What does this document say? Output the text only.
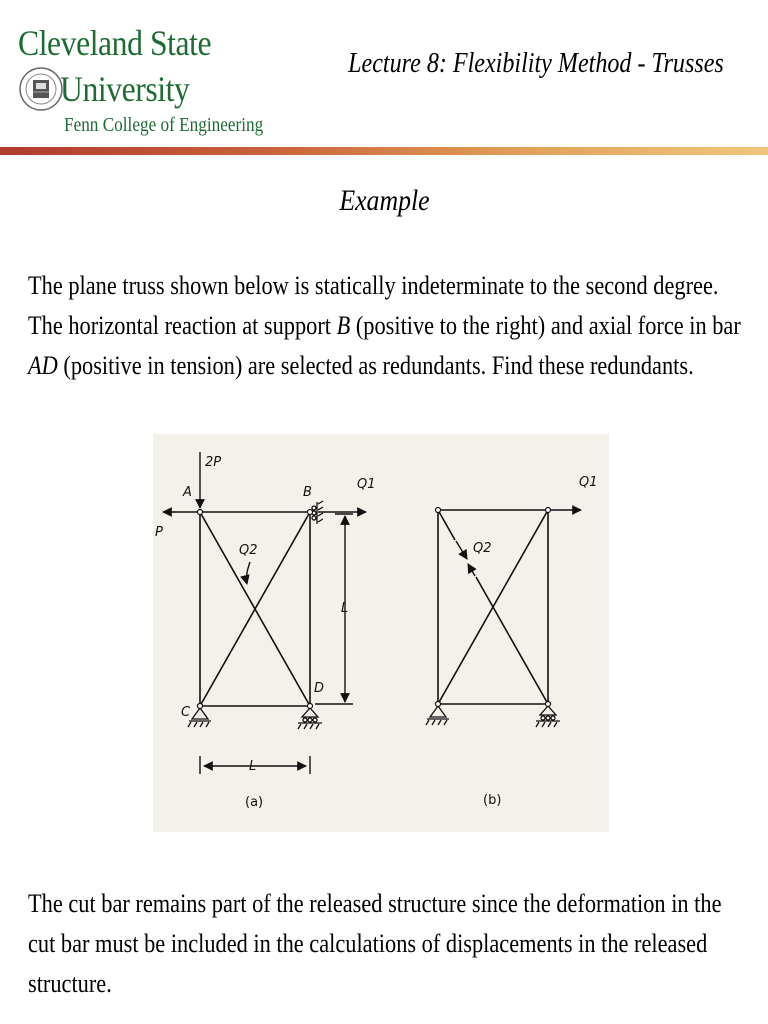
Cleveland State
University
Fenn College of Engineering
Lecture 8: Flexibility Method - Trusses
Example
The plane truss shown below is statically indeterminate to the second degree. The horizontal reaction at support B (positive to the right) and axial force in bar AD (positive in tension) are selected as redundants. Find these redundants.
2P
P
A	B
C
D
Q1
Q2
L
L
(a)
Q1
Q2
(b)
The cut bar remains part of the released structure since the deformation in the cut bar must be included in the calculations of displacements in the released structure.
